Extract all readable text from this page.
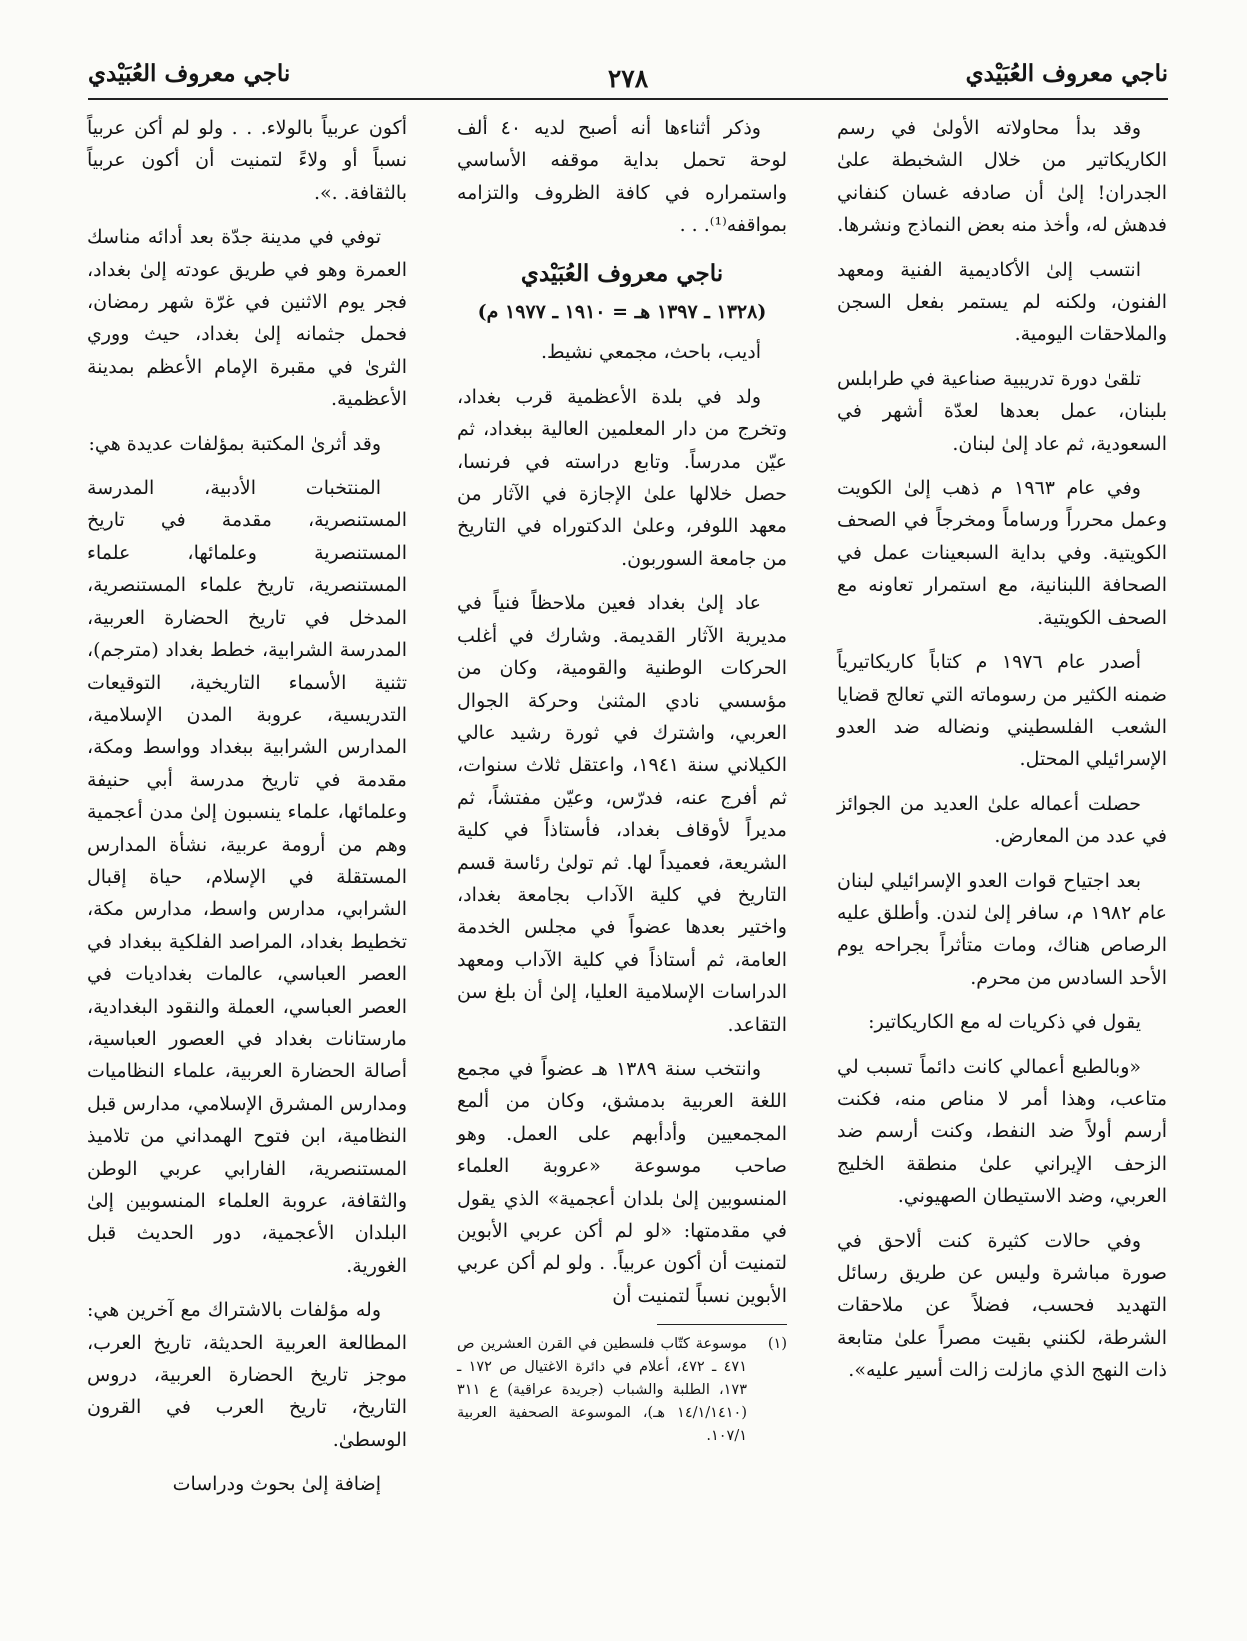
ناجي معروف العُبَيْدي
٢٧٨
ناجي معروف العُبَيْدي

وقد بدأ محاولاته الأولىٰ في رسم الكاريكاتير من خلال الشخبطة علىٰ الجدران! إلىٰ أن صادفه غسان كنفاني فدهش له، وأخذ منه بعض النماذج ونشرها.

انتسب إلىٰ الأكاديمية الفنية ومعهد الفنون، ولكنه لم يستمر بفعل السجن والملاحقات اليومية.

تلقىٰ دورة تدريبية صناعية في طرابلس بلبنان، عمل بعدها لعدّة أشهر في السعودية، ثم عاد إلىٰ لبنان.

وفي عام ١٩٦٣ م ذهب إلىٰ الكويت وعمل محرراً ورساماً ومخرجاً في الصحف الكويتية. وفي بداية السبعينات عمل في الصحافة اللبنانية، مع استمرار تعاونه مع الصحف الكويتية.

أصدر عام ١٩٧٦ م كتاباً كاريكاتيرياً ضمنه الكثير من رسوماته التي تعالج قضايا الشعب الفلسطيني ونضاله ضد العدو الإسرائيلي المحتل.

حصلت أعماله علىٰ العديد من الجوائز في عدد من المعارض.

بعد اجتياح قوات العدو الإسرائيلي لبنان عام ١٩٨٢ م، سافر إلىٰ لندن. وأطلق عليه الرصاص هناك، ومات متأثراً بجراحه يوم الأحد السادس من محرم.

يقول في ذكريات له مع الكاريكاتير:

«وبالطبع أعمالي كانت دائماً تسبب لي متاعب، وهذا أمر لا مناص منه، فكنت أرسم أولاً ضد النفط، وكنت أرسم ضد الزحف الإيراني علىٰ منطقة الخليج العربي، وضد الاستيطان الصهيوني.

وفي حالات كثيرة كنت ألاحق في صورة مباشرة وليس عن طريق رسائل التهديد فحسب، فضلاً عن ملاحقات الشرطة، لكنني بقيت مصراً علىٰ متابعة ذات النهج الذي مازلت زالت أسير عليه».

وذكر أثناءها أنه أصبح لديه ٤٠ ألف لوحة تحمل بداية موقفه الأساسي واستمراره في كافة الظروف والتزامه بمواقفه⁽¹⁾. . .

ناجي معروف العُبَيْدي
(١٣٢٨ ـ ١٣٩٧ هـ = ١٩١٠ ـ ١٩٧٧ م)

أديب، باحث، مجمعي نشيط.

ولد في بلدة الأعظمية قرب بغداد، وتخرج من دار المعلمين العالية ببغداد، ثم عيّن مدرساً. وتابع دراسته في فرنسا، حصل خلالها علىٰ الإجازة في الآثار من معهد اللوفر، وعلىٰ الدكتوراه في التاريخ من جامعة السوربون.

عاد إلىٰ بغداد فعين ملاحظاً فنياً في مديرية الآثار القديمة. وشارك في أغلب الحركات الوطنية والقومية، وكان من مؤسسي نادي المثنىٰ وحركة الجوال العربي، واشترك في ثورة رشيد عالي الكيلاني سنة ١٩٤١، واعتقل ثلاث سنوات، ثم أفرج عنه، فدرّس، وعيّن مفتشاً، ثم مديراً لأوقاف بغداد، فأستاذاً في كلية الشريعة، فعميداً لها. ثم تولىٰ رئاسة قسم التاريخ في كلية الآداب بجامعة بغداد، واختير بعدها عضواً في مجلس الخدمة العامة، ثم أستاذاً في كلية الآداب ومعهد الدراسات الإسلامية العليا، إلىٰ أن بلغ سن التقاعد.

وانتخب سنة ١٣٨٩ هـ عضواً في مجمع اللغة العربية بدمشق، وكان من ألمع المجمعيين وأدأبهم على العمل. وهو صاحب موسوعة «عروبة العلماء المنسوبين إلىٰ بلدان أعجمية» الذي يقول في مقدمتها: «لو لم أكن عربي الأبوين لتمنيت أن أكون عربياً. . ولو لم أكن عربي الأبوين نسباً لتمنيت أن

(١)
موسوعة كتّاب فلسطين في القرن العشرين ص ٤٧١ ـ ٤٧٢، أعلام في دائرة الاغتيال ص ١٧٢ ـ ١٧٣، الطلبة والشباب (جريدة عراقية) ع ٣١١ (١٤/١/١٤١٠ هـ)، الموسوعة الصحفية العربية ١٠٧/١.

أكون عربياً بالولاء. . . ولو لم أكن عربياً نسباً أو ولاءً لتمنيت أن أكون عربياً بالثقافة. .».

توفي في مدينة جدّة بعد أدائه مناسك العمرة وهو في طريق عودته إلىٰ بغداد، فجر يوم الاثنين في غرّة شهر رمضان، فحمل جثمانه إلىٰ بغداد، حيث ووري الثرىٰ في مقبرة الإمام الأعظم بمدينة الأعظمية.

وقد أثرىٰ المكتبة بمؤلفات عديدة هي:

المنتخبات الأدبية، المدرسة المستنصرية، مقدمة في تاريخ المستنصرية وعلمائها، علماء المستنصرية، تاريخ علماء المستنصرية، المدخل في تاريخ الحضارة العربية، المدرسة الشرابية، خطط بغداد (مترجم)، تثنية الأسماء التاريخية، التوقيعات التدريسية، عروبة المدن الإسلامية، المدارس الشرابية ببغداد وواسط ومكة، مقدمة في تاريخ مدرسة أبي حنيفة وعلمائها، علماء ينسبون إلىٰ مدن أعجمية وهم من أرومة عربية، نشأة المدارس المستقلة في الإسلام، حياة إقبال الشرابي، مدارس واسط، مدارس مكة، تخطيط بغداد، المراصد الفلكية ببغداد في العصر العباسي، عالمات بغداديات في العصر العباسي، العملة والنقود البغدادية، مارستانات بغداد في العصور العباسية، أصالة الحضارة العربية، علماء النظاميات ومدارس المشرق الإسلامي، مدارس قبل النظامية، ابن فتوح الهمداني من تلاميذ المستنصرية، الفارابي عربي الوطن والثقافة، عروبة العلماء المنسوبين إلىٰ البلدان الأعجمية، دور الحديث قبل الغورية.

وله مؤلفات بالاشتراك مع آخرين هي: المطالعة العربية الحديثة، تاريخ العرب، موجز تاريخ الحضارة العربية، دروس التاريخ، تاريخ العرب في القرون الوسطىٰ.

إضافة إلىٰ بحوث ودراسات
